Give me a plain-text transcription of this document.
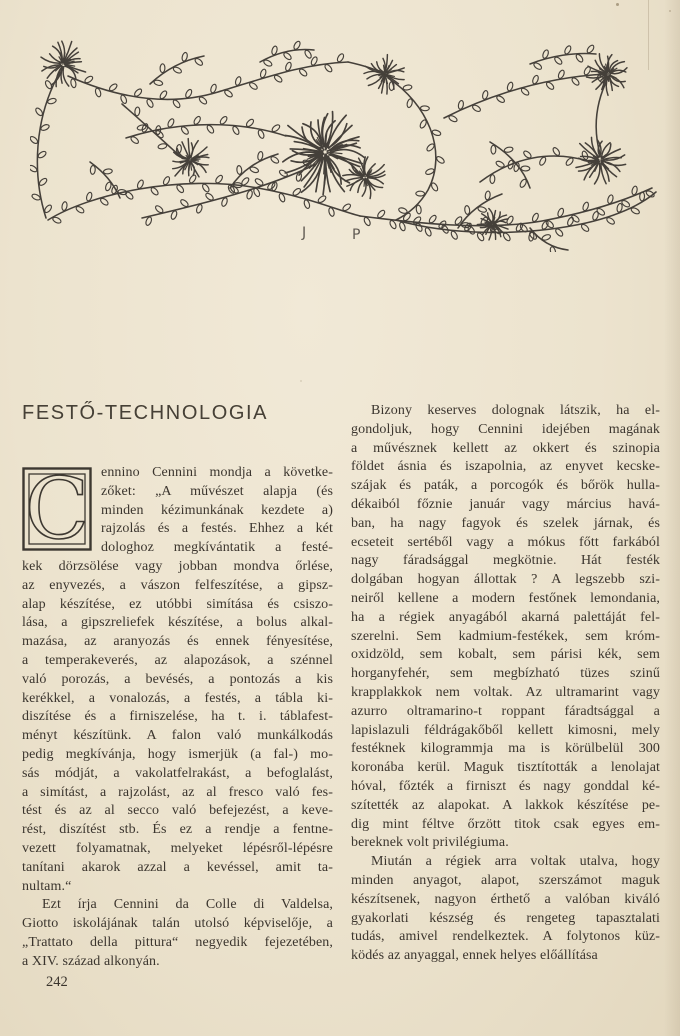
J	P
FESTŐ-TECHNOLOGIA
C ennino Cennini mondja a követke-
zőket: „A művészet alapja (és
minden kézimunkának kezdete a)
rajzolás és a festés. Ehhez a két
dologhoz megkívántatik a festé-
kek dörzsölése vagy jobban mondva őrlése,
az enyvezés, a vászon felfeszítése, a gipsz-
alap készítése, ez utóbbi simítása és csiszo-
lása, a gipszreliefek készítése, a bolus alkal-
mazása, az aranyozás és ennek fényesítése,
a temperakeverés, az alapozások, a szénnel
való porozás, a bevésés, a pontozás a kis
kerékkel, a vonalozás, a festés, a tábla ki-
diszítése és a firniszelése, ha t. i. táblafest-
ményt készítünk. A falon való munkálkodás
pedig megkívánja, hogy ismerjük (a fal-) mo-
sás módját, a vakolatfelrakást, a befoglalást,
a simítást, a rajzolást, az al fresco való fes-
tést és az al secco való befejezést, a keve-
rést, diszítést stb. És ez a rendje a fentne-
vezett folyamatnak, melyeket lépésről-lépésre
tanítani akarok azzal a kevéssel, amit ta-
nultam.“
Ezt írja Cennini da Colle di Valdelsa,
Giotto iskolájának talán utolsó képviselője, a
„Trattato della pittura“ negyedik fejezetében,
a XIV. század alkonyán.
242
Bizony keserves dolognak látszik, ha el-
gondoljuk, hogy Cennini idejében magának
a művésznek kellett az okkert és szinopia
földet ásnia és iszapolnia, az enyvet kecske-
szájak és paták, a porcogók és bőrök hulla-
dékaiból főznie január vagy március havá-
ban, ha nagy fagyok és szelek járnak, és
ecseteit sertéből vagy a mókus főtt farkából
nagy fáradsággal megkötnie. Hát festék
dolgában hogyan állottak ? A legszebb szi-
neiről kellene a modern festőnek lemondania,
ha a régiek anyagából akarná palettáját fel-
szerelni. Sem kadmium-festékek, sem króm-
oxidzöld, sem kobalt, sem párisi kék, sem
horganyfehér, sem megbízható tüzes szinű
krapplakkok nem voltak. Az ultramarint vagy
azurro oltramarino-t roppant fáradtsággal a
lapislazuli féldrágakőből kellett kimosni, mely
festéknek kilogrammja ma is körülbelül 300
koronába kerül. Maguk tisztították a lenolajat
hóval, főzték a firniszt és nagy gonddal ké-
szítették az alapokat. A lakkok készítése pe-
dig mint féltve őrzött titok csak egyes em-
bereknek volt privilégiuma.
Miután a régiek arra voltak utalva, hogy
minden anyagot, alapot, szerszámot maguk
készítsenek, nagyon érthető a valóban kiváló
gyakorlati készség és rengeteg tapasztalati
tudás, amivel rendelkeztek. A folytonos küz-
ködés az anyaggal, ennek helyes előállítása
